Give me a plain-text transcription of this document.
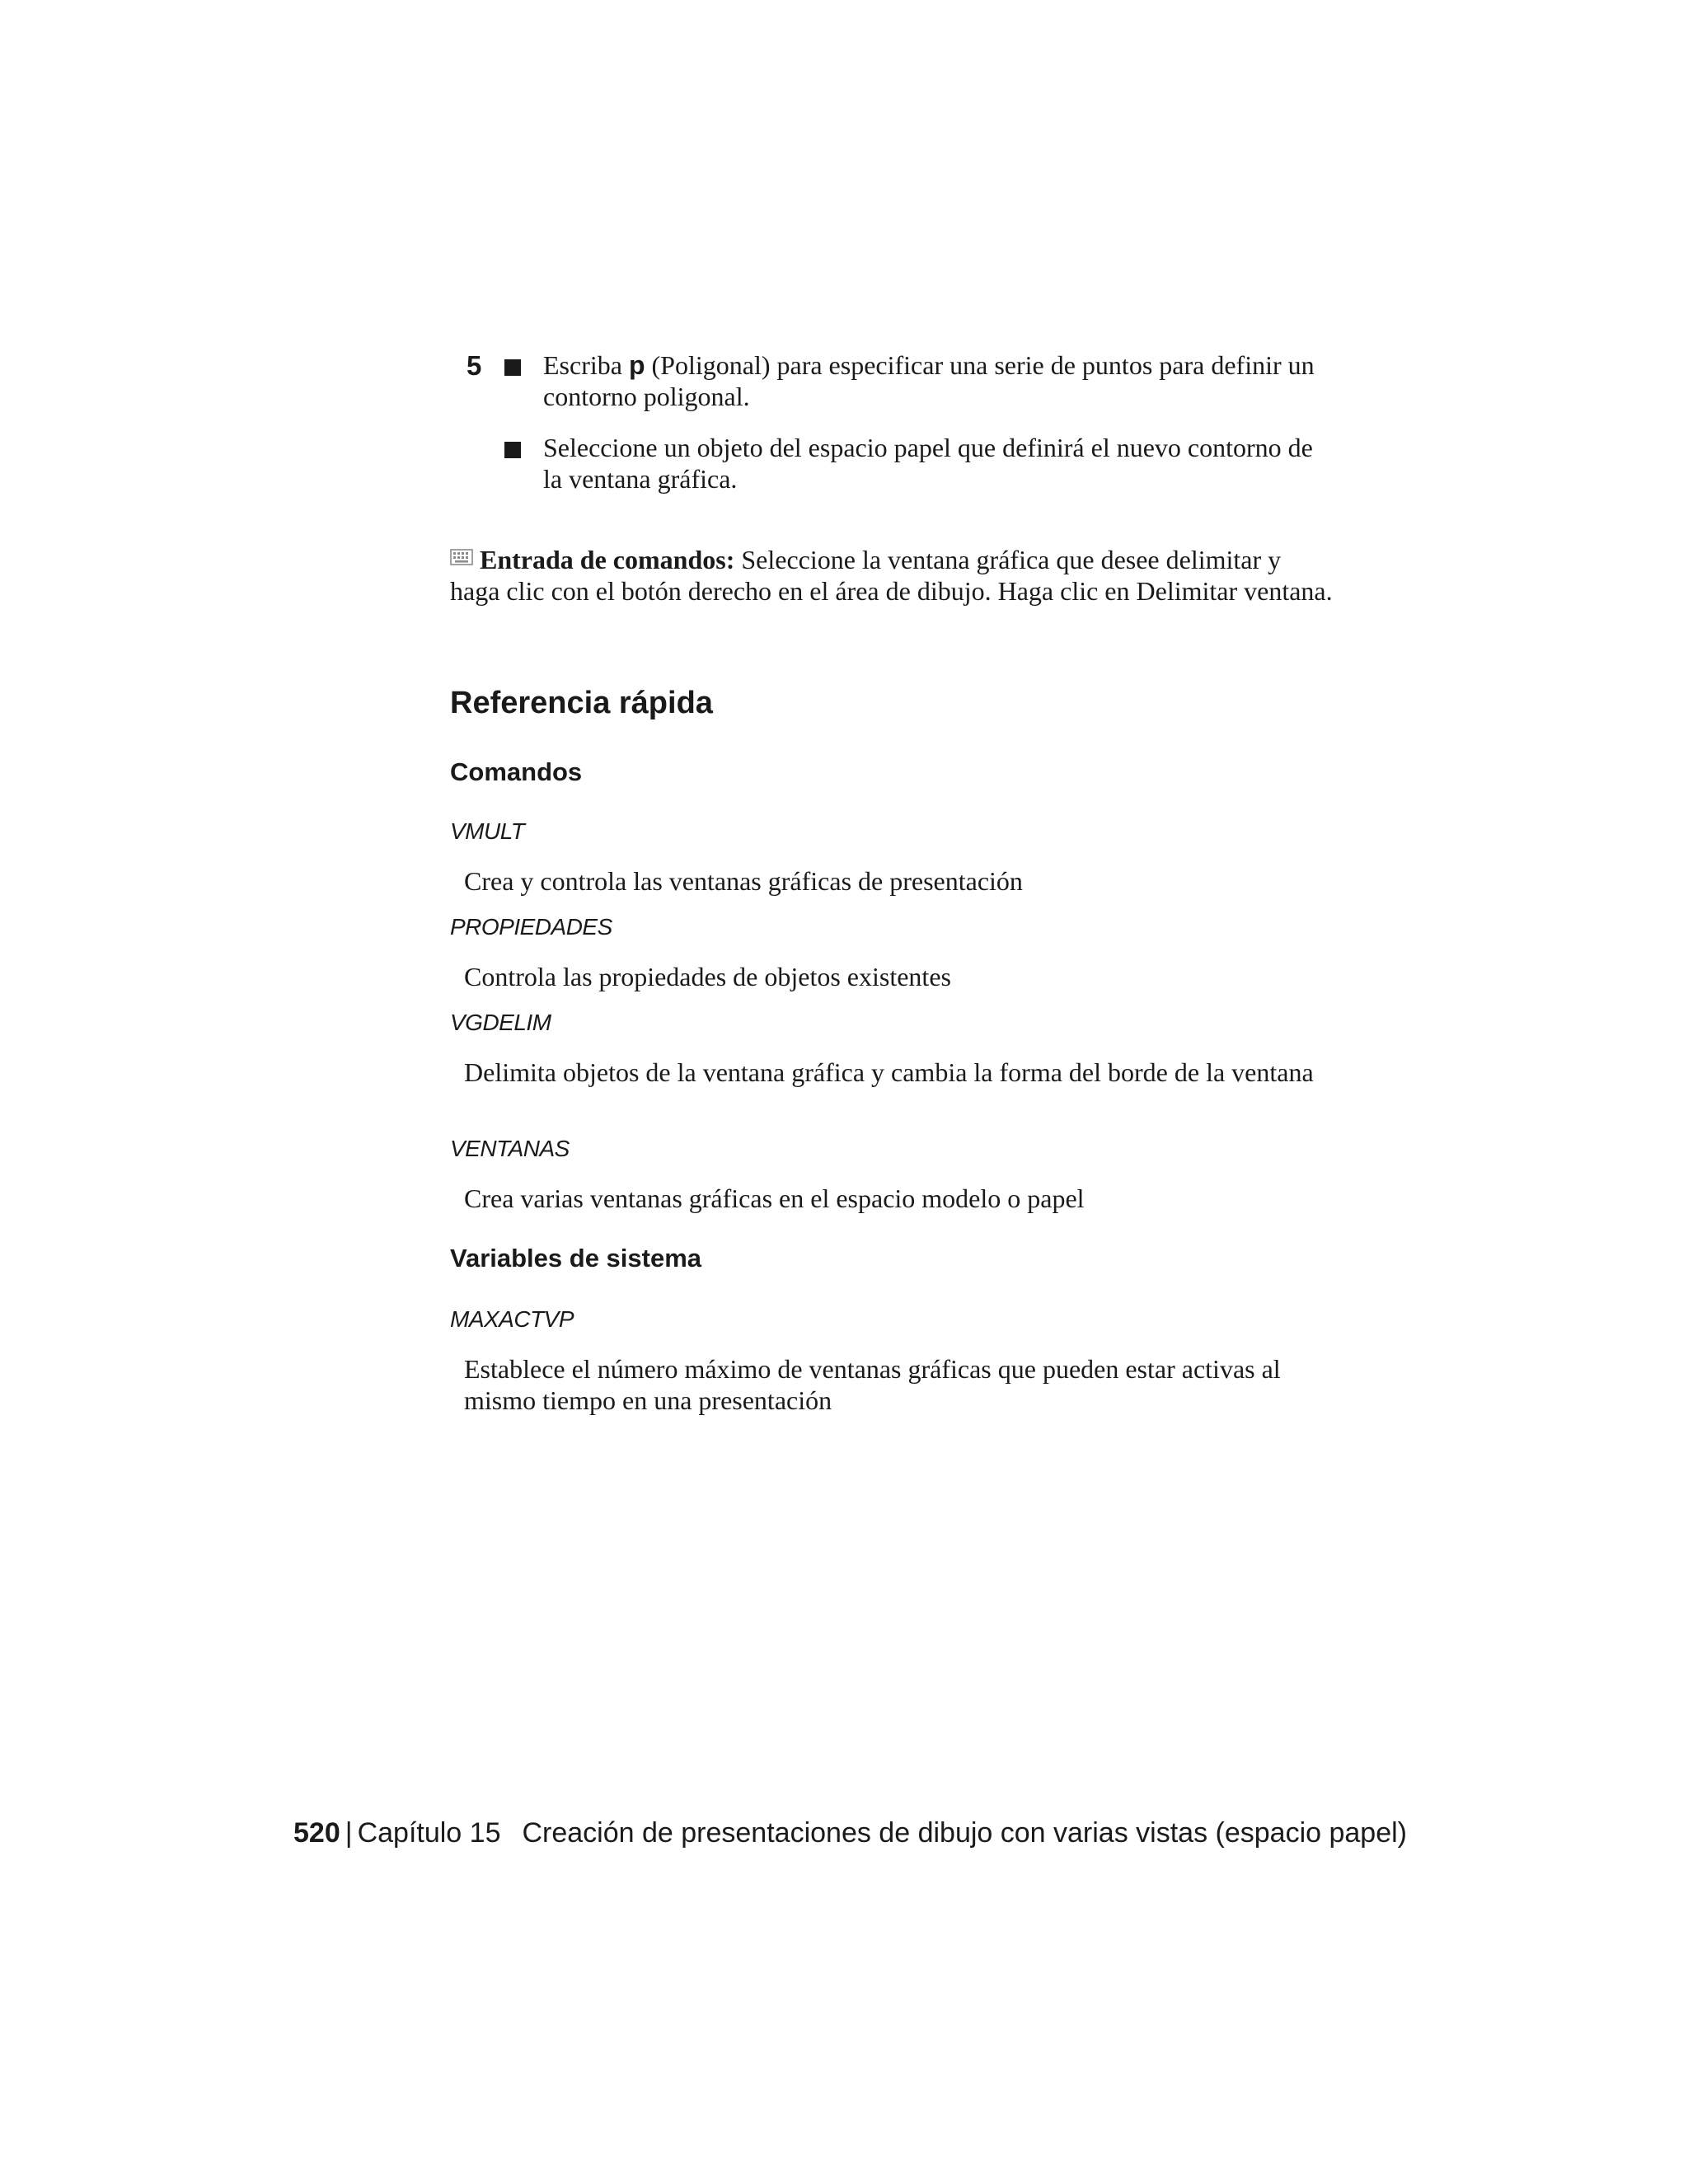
5 Escriba p (Poligonal) para especificar una serie de puntos para definir un contorno poligonal.
Seleccione un objeto del espacio papel que definirá el nuevo contorno de la ventana gráfica.
Entrada de comandos: Seleccione la ventana gráfica que desee delimitar y haga clic con el botón derecho en el área de dibujo. Haga clic en Delimitar ventana.
Referencia rápida
Comandos
VMULT
Crea y controla las ventanas gráficas de presentación
PROPIEDADES
Controla las propiedades de objetos existentes
VGDELIM
Delimita objetos de la ventana gráfica y cambia la forma del borde de la ventana
VENTANAS
Crea varias ventanas gráficas en el espacio modelo o papel
Variables de sistema
MAXACTVP
Establece el número máximo de ventanas gráficas que pueden estar activas al mismo tiempo en una presentación
520 | Capítulo 15 Creación de presentaciones de dibujo con varias vistas (espacio papel)
